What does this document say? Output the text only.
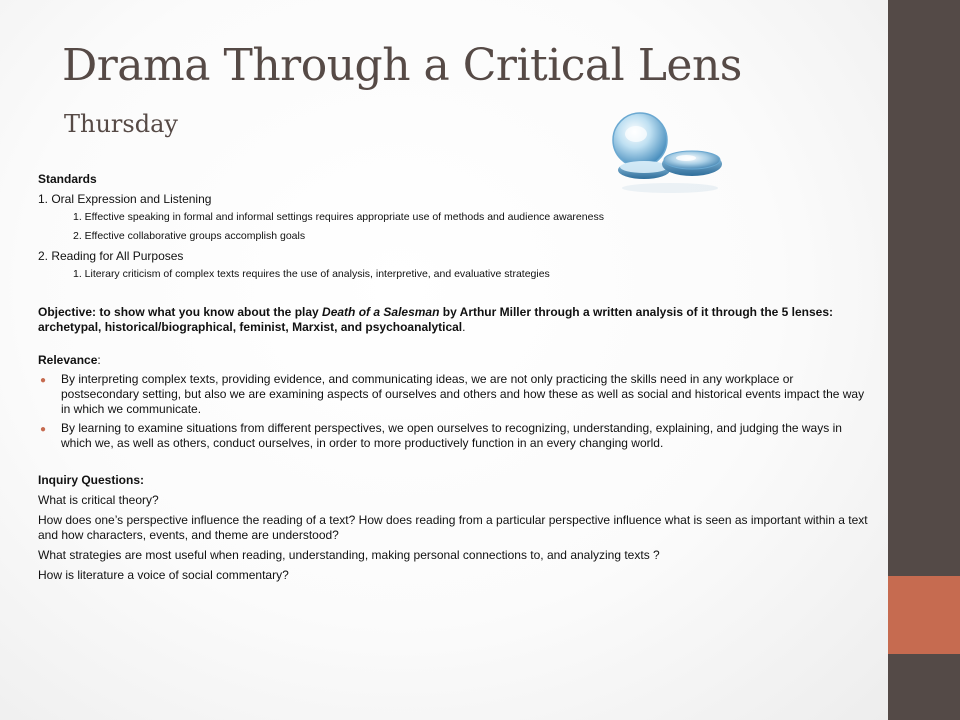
Drama Through a Critical Lens
Thursday

Standards

1. Oral Expression and Listening

1. Effective speaking in formal and informal settings requires appropriate use of methods and audience awareness

2. Effective collaborative groups accomplish goals

2. Reading for All Purposes

1. Literary criticism of complex texts requires the use of analysis, interpretive, and evaluative strategies

Objective: to show what you know about the play Death of a Salesman by Arthur Miller through a written analysis of it through the 5 lenses: archetypal, historical/biographical, feminist, Marxist, and psychoanalytical.

Relevance:

● By interpreting complex texts, providing evidence, and communicating ideas, we are not only practicing the skills need in any workplace or postsecondary setting, but also we are examining aspects of ourselves and others and how these as well as social and historical events impact the way in which we communicate.

● By learning to examine situations from different perspectives, we open ourselves to recognizing, understanding, explaining, and judging the ways in which we, as well as others, conduct ourselves, in order to more productively function in an every changing world.

Inquiry Questions:

What is critical theory?

How does one’s perspective influence the reading of a text? How does reading from a particular perspective influence what is seen as important within a text and how characters, events, and theme are understood?

What strategies are most useful when reading, understanding, making personal connections to, and analyzing texts ?

How is literature a voice of social commentary?
